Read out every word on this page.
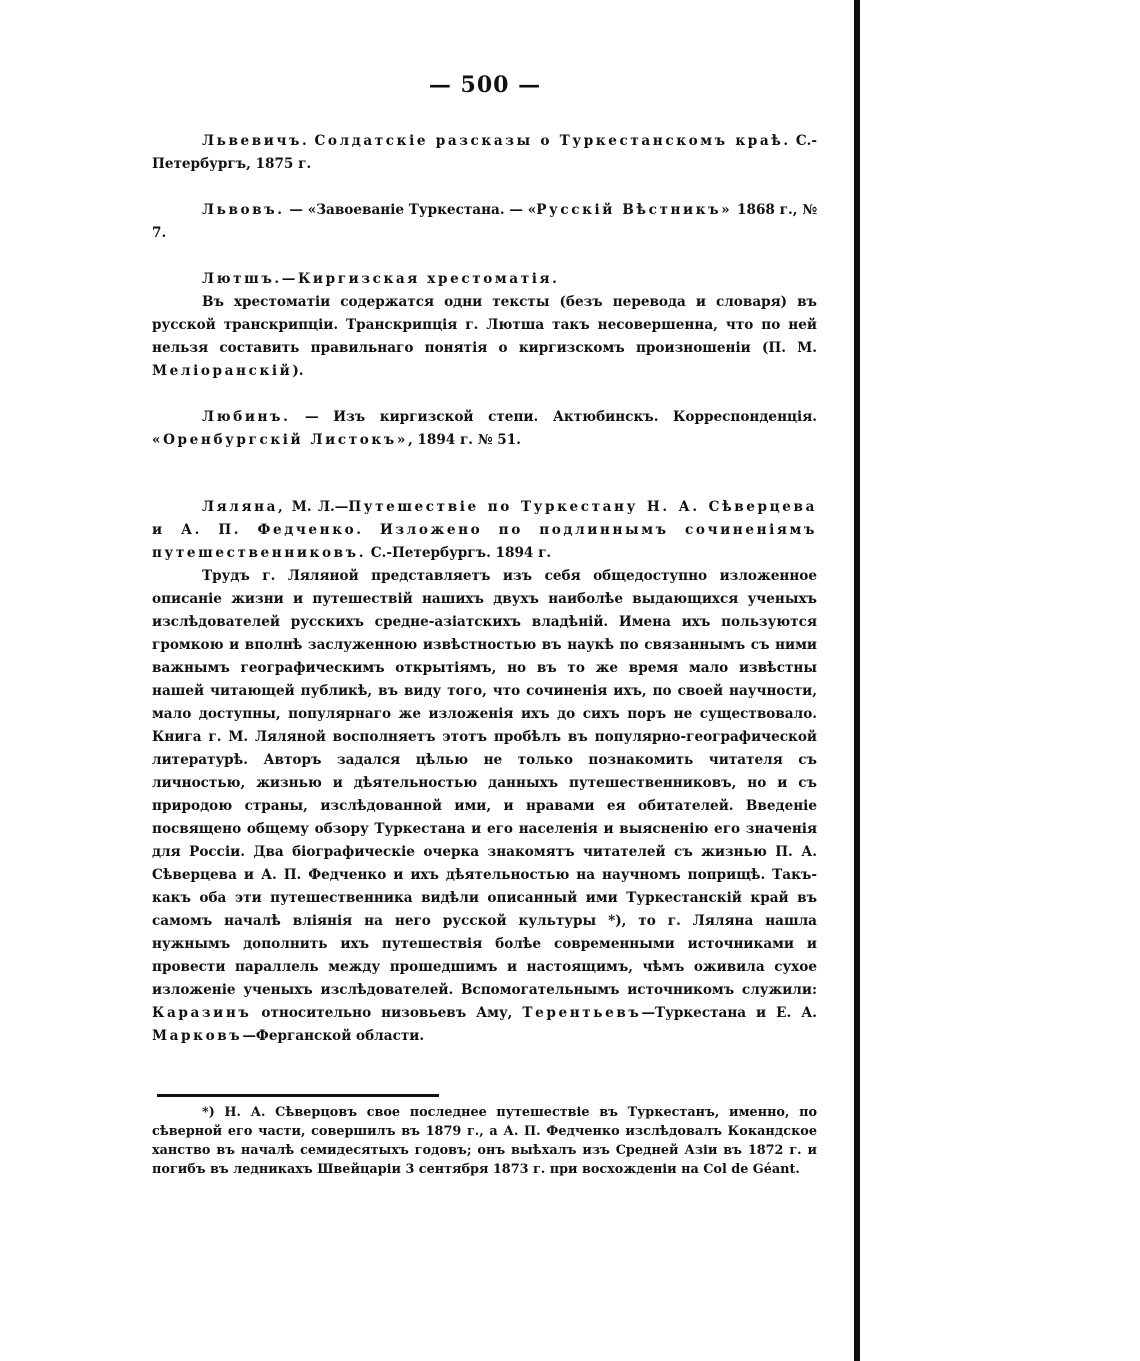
— 500 —

Львевичъ. Солдатскіе разсказы о Туркестанскомъ краѣ. С.-Петербургъ, 1875 г.

Львовъ. — «Завоеваніе Туркестана. — «Русскій Вѣстникъ» 1868 г., № 7.

Лютшъ.—Киргизская хрестоматія.

Въ хрестоматіи содержатся одни тексты (безъ перевода и словаря) въ русской транскрипціи. Транскрипція г. Лютша такъ несовершенна, что по ней нельзя составить правильнаго понятія о киргизскомъ произношеніи (П. М. Меліоранскій).

Любинъ. — Изъ киргизской степи. Актюбинскъ. Корреспонденція. «Оренбургскій Листокъ», 1894 г. № 51.

Ляляна, М. Л.—Путешествіе по Туркестану Н. А. Сѣверцева и А. П. Федченко. Изложено по подлиннымъ сочиненіямъ путешественниковъ. С.-Петербургъ. 1894 г.

Трудъ г. Ляляной представляетъ изъ себя общедоступно изложенное описаніе жизни и путешествій нашихъ двухъ наиболѣе выдающихся ученыхъ изслѣдователей русскихъ средне-азіатскихъ владѣній. Имена ихъ пользуются громкою и вполнѣ заслуженною извѣстностью въ наукѣ по связаннымъ съ ними важнымъ географическимъ открытіямъ, но въ то же время мало извѣстны нашей читающей публикѣ, въ виду того, что сочиненія ихъ, по своей научности, мало доступны, популярнаго же изложенія ихъ до сихъ поръ не существовало. Книга г. М. Ляляной восполняетъ этотъ пробѣлъ въ популярно-географической литературѣ. Авторъ задался цѣлью не только познакомить читателя съ личностью, жизнью и дѣятельностью данныхъ путешественниковъ, но и съ природою страны, изслѣдованной ими, и нравами ея обитателей. Введеніе посвящено общему обзору Туркестана и его населенія и выясненію его значенія для Россіи. Два біографическіе очерка знакомятъ читателей съ жизнью П. А. Сѣверцева и А. П. Федченко и ихъ дѣятельностью на научномъ поприщѣ. Такъ-какъ оба эти путешественника видѣли описанный ими Туркестанскій край въ самомъ началѣ вліянія на него русской культуры *), то г. Ляляна нашла нужнымъ дополнить ихъ путешествія болѣе современными источниками и провести параллель между прошедшимъ и настоящимъ, чѣмъ оживила сухое изложеніе ученыхъ изслѣдователей. Вспомогательнымъ источникомъ служили: Каразинъ относительно низовьевъ Аму, Терентьевъ—Туркестана и Е. А. Марковъ—Ферганской области.

*) Н. А. Сѣверцовъ свое последнее путешествіе въ Туркестанъ, именно, по сѣверной его части, совершилъ въ 1879 г., а А. П. Федченко изслѣдовалъ Кокандское ханство въ началѣ семидесятыхъ годовъ; онъ выѣхалъ изъ Средней Азіи въ 1872 г. и погибъ въ ледникахъ Швейцаріи 3 сентября 1873 г. при восхожденіи на Col de Géant.
